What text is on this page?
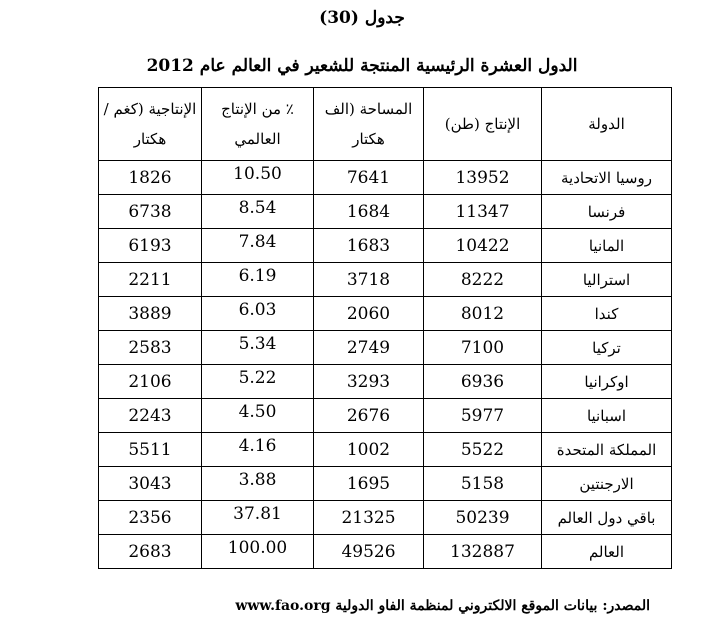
جدول (30)
الدول العشرة الرئيسية المنتجة للشعير في العالم عام 2012
الإنتاجية (كغم / هكتار	٪ من الإنتاج العالمي	المساحة (الف هكتار	الإنتاج (طن)	الدولة
1826	10.50	7641	13952	روسيا الاتحادية
6738	8.54	1684	11347	فرنسا
6193	7.84	1683	10422	المانيا
2211	6.19	3718	8222	استراليا
3889	6.03	2060	8012	كندا
2583	5.34	2749	7100	تركيا
2106	5.22	3293	6936	اوكرانيا
2243	4.50	2676	5977	اسبانيا
5511	4.16	1002	5522	المملكة المتحدة
3043	3.88	1695	5158	الارجنتين
2356	37.81	21325	50239	باقي دول العالم
2683	100.00	49526	132887	العالم
المصدر: بيانات الموقع الالكتروني لمنظمة الفاو الدولية www.fao.org
